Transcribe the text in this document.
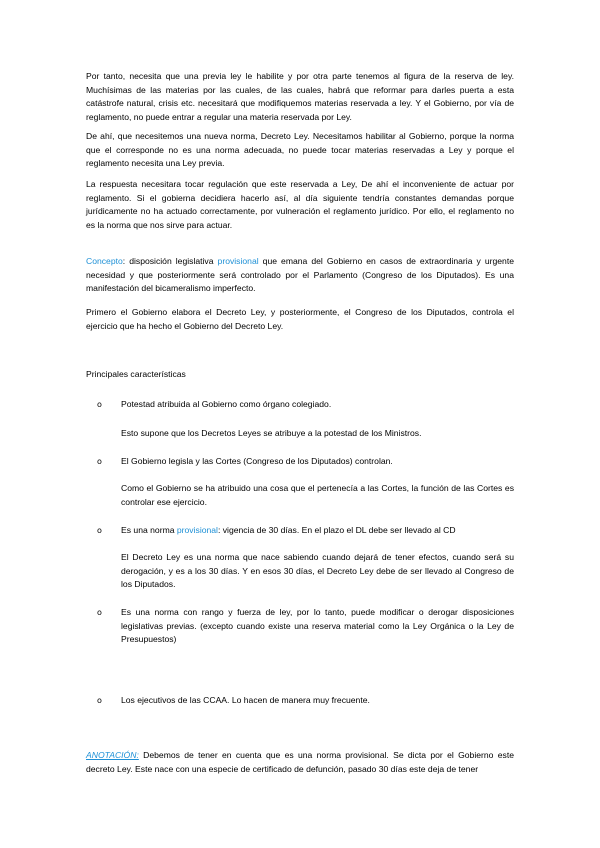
Por tanto, necesita que una previa ley le habilite y por otra parte tenemos al figura de la reserva de ley. Muchísimas de las materias por las cuales, de las cuales, habrá que reformar para darles puerta a esta catástrofe natural, crisis etc. necesitará que modifiquemos materias reservada a ley. Y el Gobierno, por vía de reglamento, no puede entrar a regular una materia reservada por Ley.

De ahí, que necesitemos una nueva norma, Decreto Ley. Necesitamos habilitar al Gobierno, porque la norma que el corresponde no es una norma adecuada, no puede tocar materias reservadas a Ley y porque el reglamento necesita una Ley previa.

La respuesta necesitara tocar regulación que este reservada a Ley, De ahí el inconveniente de actuar por reglamento. Si el gobierna decidiera hacerlo así, al día siguiente tendría constantes demandas porque jurídicamente no ha actuado correctamente, por vulneración el reglamento jurídico. Por ello, el reglamento no es la norma que nos sirve para actuar.

Concepto: disposición legislativa provisional que emana del Gobierno en casos de extraordinaria y urgente necesidad y que posteriormente será controlado por el Parlamento (Congreso de los Diputados). Es una manifestación del bicameralismo imperfecto.

Primero el Gobierno elabora el Decreto Ley, y posteriormente, el Congreso de los Diputados, controla el ejercicio que ha hecho el Gobierno del Decreto Ley.

Principales características

o Potestad atribuida al Gobierno como órgano colegiado.

Esto supone que los Decretos Leyes se atribuye a la potestad de los Ministros.

o El Gobierno legisla y las Cortes (Congreso de los Diputados) controlan.

Como el Gobierno se ha atribuido una cosa que el pertenecía a las Cortes, la función de las Cortes es controlar ese ejercicio.

o Es una norma provisional: vigencia de 30 días. En el plazo el DL debe ser llevado al CD

El Decreto Ley es una norma que nace sabiendo cuando dejará de tener efectos, cuando será su derogación, y es a los 30 días. Y en esos 30 días, el Decreto Ley debe de ser llevado al Congreso de los Diputados.

o Es una norma con rango y fuerza de ley, por lo tanto, puede modificar o derogar disposiciones legislativas previas. (excepto cuando existe una reserva material como la Ley Orgánica o la Ley de Presupuestos)

o Los ejecutivos de las CCAA. Lo hacen de manera muy frecuente.

ANOTACIÓN: Debemos de tener en cuenta que es una norma provisional. Se dicta por el Gobierno este decreto Ley. Este nace con una especie de certificado de defunción, pasado 30 días este deja de tener
